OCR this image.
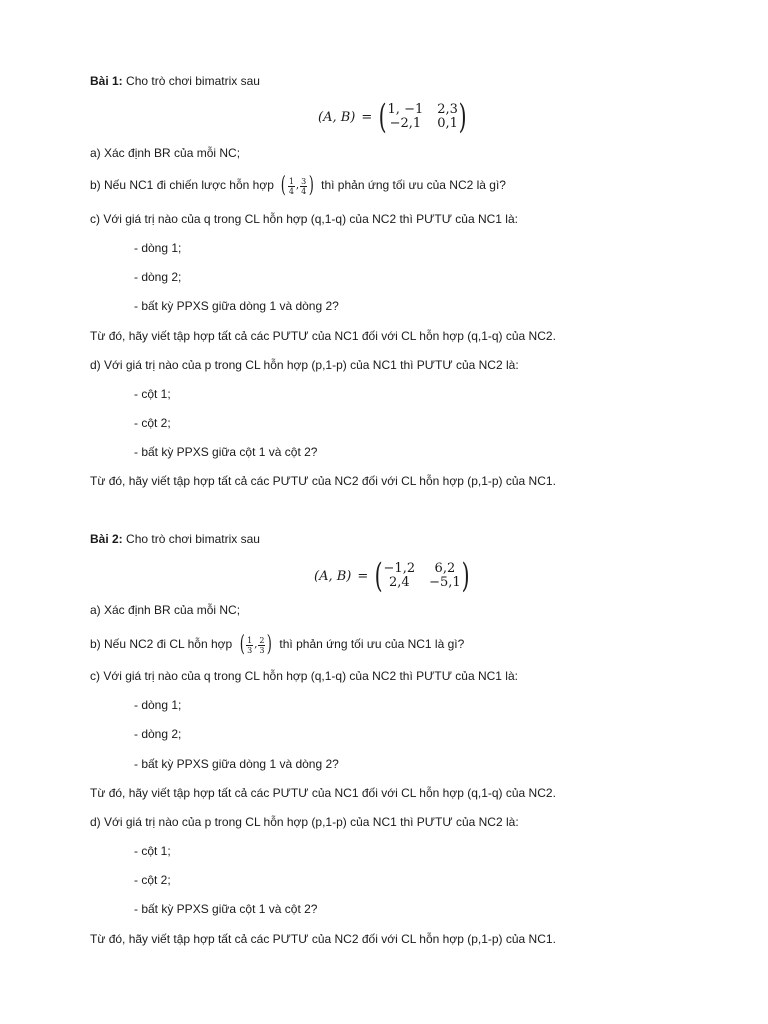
Bài 1: Cho trò chơi bimatrix sau
(A, B) = ( 1, −1 2,3
−2,1 0,1 )
a) Xác định BR của mỗi NC;
b) Nếu NC1 đi chiến lược hỗn hợp ( $\frac{1}{4}$ , $\frac{3}{4}$ ) thì phản ứng tối ưu của NC2 là gì?
c) Với giá trị nào của q trong CL hỗn hợp (q,1-q) của NC2 thì PƯTƯ của NC1 là:
- dòng 1;
- dòng 2;
- bất kỳ PPXS giữa dòng 1 và dòng 2?
Từ đó, hãy viết tập hợp tất cả các PƯTƯ của NC1 đối với CL hỗn hợp (q,1-q) của NC2.
d) Với giá trị nào của p trong CL hỗn hợp (p,1-p) của NC1 thì PƯTƯ của NC2 là:
- cột 1;
- cột 2;
- bất kỳ PPXS giữa cột 1 và cột 2?
Từ đó, hãy viết tập hợp tất cả các PƯTƯ của NC2 đối với CL hỗn hợp (p,1-p) của NC1.
Bài 2: Cho trò chơi bimatrix sau
(A, B) = ( −1,2	6,2
2,4	−5,1 )
a) Xác định BR của mỗi NC;
b) Nếu NC2 đi CL hỗn hợp ( $\frac{1}{3}$ , $\frac{2}{3}$ ) thì phản ứng tối ưu của NC1 là gì?
c) Với giá trị nào của q trong CL hỗn hợp (q,1-q) của NC2 thì PƯTƯ của NC1 là:
- dòng 1;
- dòng 2;
- bất kỳ PPXS giữa dòng 1 và dòng 2?
Từ đó, hãy viết tập hợp tất cả các PƯTƯ của NC1 đối với CL hỗn hợp (q,1-q) của NC2.
d) Với giá trị nào của p trong CL hỗn hợp (p,1-p) của NC1 thì PƯTƯ của NC2 là:
- cột 1;
- cột 2;
- bất kỳ PPXS giữa cột 1 và cột 2?
Từ đó, hãy viết tập hợp tất cả các PƯTƯ của NC2 đối với CL hỗn hợp (p,1-p) của NC1.
